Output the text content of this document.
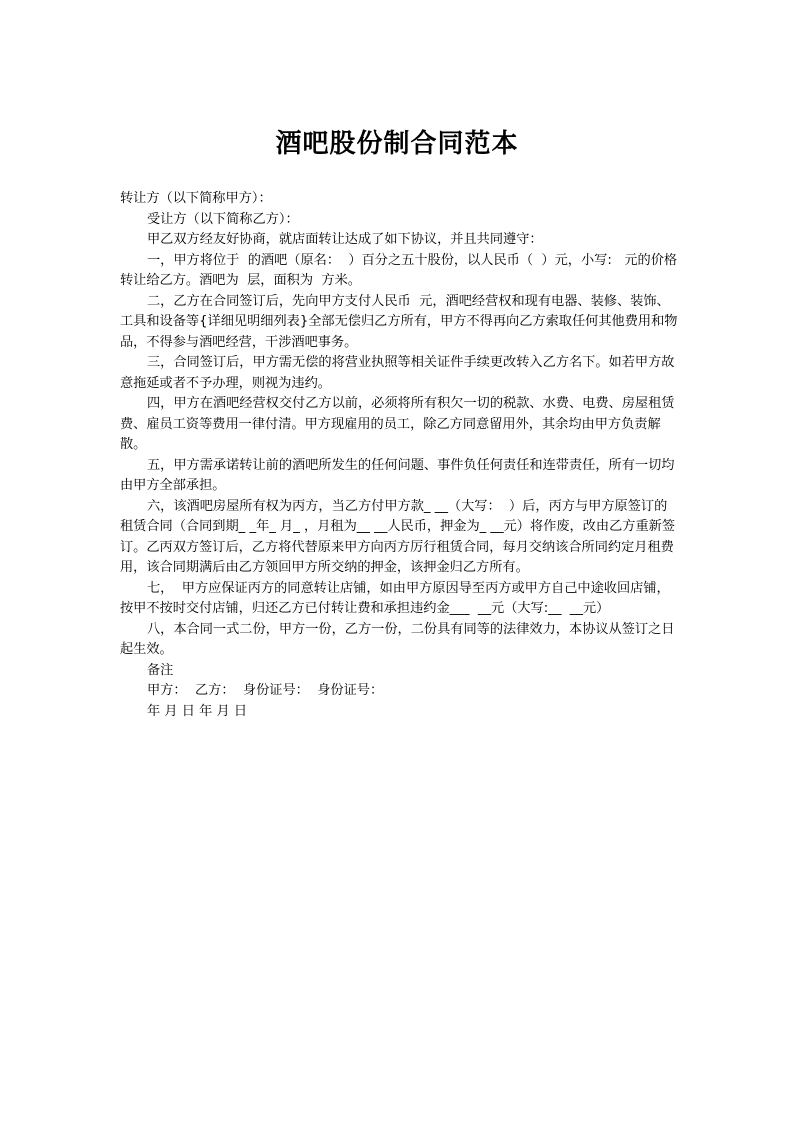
酒吧股份制合同范本

转让方（以下简称甲方）：

受让方（以下简称乙方）：

甲乙双方经友好协商，就店面转让达成了如下协议，并且共同遵守：

一，甲方将位于  的酒吧（原名：  ）百分之五十股份，以人民币（  ）元，小写:   元的价格转让给乙方。酒吧为  层，面积为  方米。

二，乙方在合同签订后，先向甲方支付人民币  元，酒吧经营权和现有电器、装修、装饰、工具和设备等{详细见明细列表}全部无偿归乙方所有，甲方不得再向乙方索取任何其他费用和物品，不得参与酒吧经营，干涉酒吧事务。

三，合同签订后，甲方需无偿的将营业执照等相关证件手续更改转入乙方名下。如若甲方故意拖延或者不予办理，则视为违约。

四，甲方在酒吧经营权交付乙方以前，必须将所有积欠一切的税款、水费、电费、房屋租赁费、雇员工资等费用一律付清。甲方现雇用的员工，除乙方同意留用外，其余均由甲方负责解散。

五，甲方需承诺转让前的酒吧所发生的任何问题、事件负任何责任和连带责任，所有一切均由甲方全部承担。

六，该酒吧房屋所有权为丙方，当乙方付甲方款_ __（大写：  ）后，丙方与甲方原签订的租赁合同（合同到期_ _年_ 月_ ，月租为__ __人民币，押金为_ __元）将作废，改由乙方重新签订。乙丙双方签订后，乙方将代替原来甲方向丙方厉行租赁合同，每月交纳该合所同约定月租费用，该合同期满后由乙方领回甲方所交纳的押金，该押金归乙方所有。

七，  甲方应保证丙方的同意转让店铺，如由甲方原因导至丙方或甲方自己中途收回店铺，按甲不按时交付店铺，归还乙方已付转让费和承担违约金___  __元（大写:__  __元）

八，本合同一式二份，甲方一份，乙方一份，二份具有同等的法律效力，本协议从签订之日起生效。

备注

甲方：  乙方：  身份证号：  身份证号：

年 月 日 年 月 日
